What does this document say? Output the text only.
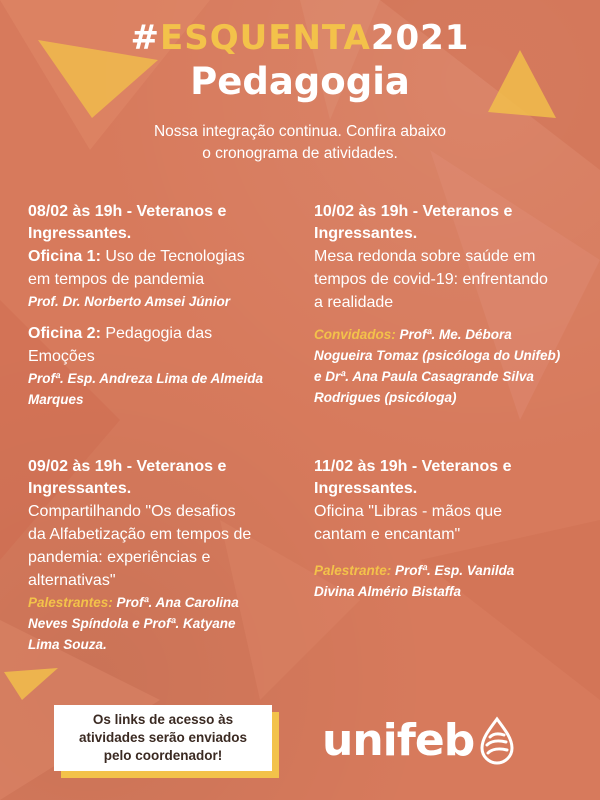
#ESQUENTA2021
Pedagogia
Nossa integração continua. Confira abaixo
o cronograma de atividades.
08/02 às 19h - Veteranos e
Ingressantes.
Oficina 1: Uso de Tecnologias
em tempos de pandemia
Prof. Dr. Norberto Amsei Júnior
Oficina 2: Pedagogia das
Emoções
Profª. Esp. Andreza Lima de Almeida
Marques
10/02 às 19h - Veteranos e
Ingressantes.
Mesa redonda sobre saúde em
tempos de covid-19: enfrentando
a realidade
Convidados: Profª. Me. Débora
Nogueira Tomaz (psicóloga do Unifeb)
e Drª. Ana Paula Casagrande Silva
Rodrigues (psicóloga)
09/02 às 19h - Veteranos e
Ingressantes.
Compartilhando "Os desafios
da Alfabetização em tempos de
pandemia: experiências e
alternativas"
Palestrantes: Profª. Ana Carolina
Neves Spíndola e Profª. Katyane
Lima Souza.
11/02 às 19h - Veteranos e
Ingressantes.
Oficina "Libras - mãos que
cantam e encantam"
Palestrante: Profª. Esp. Vanilda
Divina Almério Bistaffa
Os links de acesso às
atividades serão enviados
pelo coordenador!	unifeb
